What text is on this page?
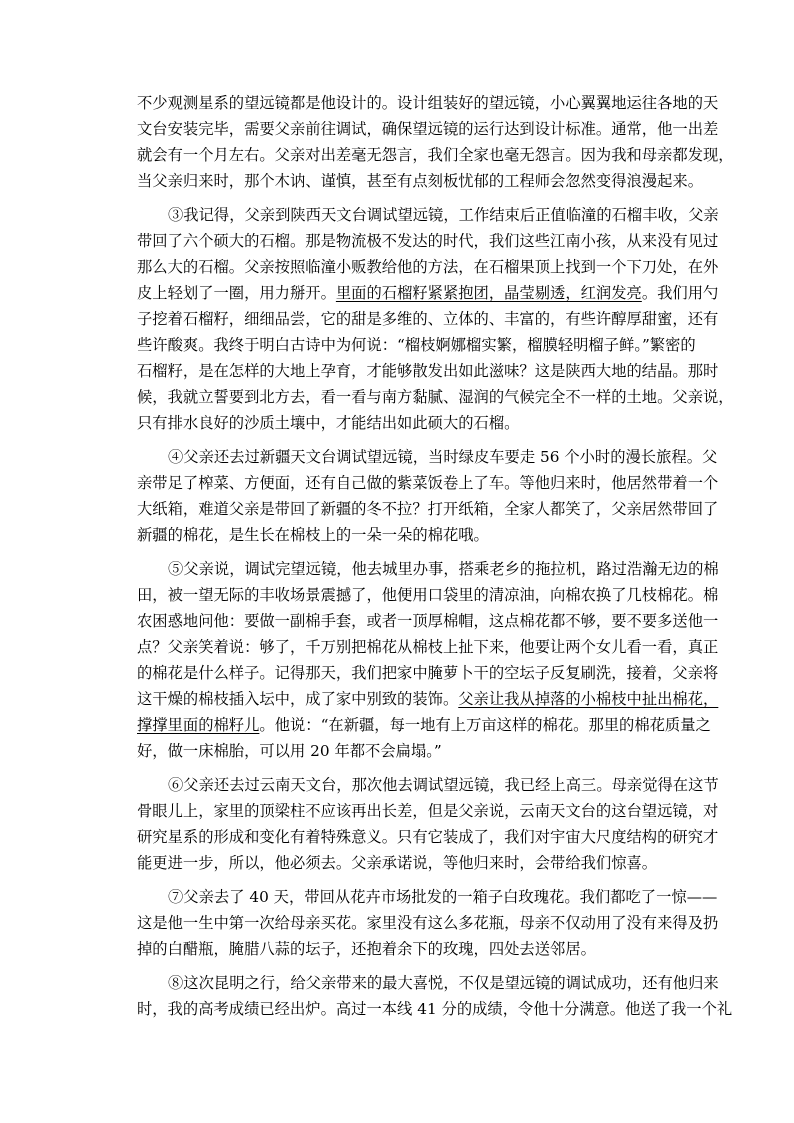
不少观测星系的望远镜都是他设计的。设计组装好的望远镜，小心翼翼地运往各地的天
文台安装完毕，需要父亲前往调试，确保望远镜的运行达到设计标准。通常，他一出差
就会有一个月左右。父亲对出差毫无怨言，我们全家也毫无怨言。因为我和母亲都发现，
当父亲归来时，那个木讷、谨慎，甚至有点刻板忧郁的工程师会忽然变得浪漫起来。
③我记得，父亲到陕西天文台调试望远镜，工作结束后正值临潼的石榴丰收，父亲
带回了六个硕大的石榴。那是物流极不发达的时代，我们这些江南小孩，从来没有见过
那么大的石榴。父亲按照临潼小贩教给他的方法，在石榴果顶上找到一个下刀处，在外
皮上轻划了一圈，用力掰开。里面的石榴籽紧紧抱团，晶莹剔透，红润发亮。我们用勺
子挖着石榴籽，细细品尝，它的甜是多维的、立体的、丰富的，有些许醇厚甜蜜，还有
些许酸爽。我终于明白古诗中为何说：“榴枝婀娜榴实繁，榴膜轻明榴子鲜。”繁密的
石榴籽，是在怎样的大地上孕育，才能够散发出如此滋味？这是陕西大地的结晶。那时
候，我就立誓要到北方去，看一看与南方黏腻、湿润的气候完全不一样的土地。父亲说，
只有排水良好的沙质土壤中，才能结出如此硕大的石榴。
④父亲还去过新疆天文台调试望远镜，当时绿皮车要走 56 个小时的漫长旅程。父
亲带足了榨菜、方便面，还有自己做的紫菜饭卷上了车。等他归来时，他居然带着一个
大纸箱，难道父亲是带回了新疆的冬不拉？打开纸箱，全家人都笑了，父亲居然带回了
新疆的棉花，是生长在棉枝上的一朵一朵的棉花哦。
⑤父亲说，调试完望远镜，他去城里办事，搭乘老乡的拖拉机，路过浩瀚无边的棉
田，被一望无际的丰收场景震撼了，他便用口袋里的清凉油，向棉农换了几枝棉花。棉
农困惑地问他：要做一副棉手套，或者一顶厚棉帽，这点棉花都不够，要不要多送他一
点？父亲笑着说：够了，千万别把棉花从棉枝上扯下来，他要让两个女儿看一看，真正
的棉花是什么样子。记得那天，我们把家中腌萝卜干的空坛子反复刷洗，接着，父亲将
这干燥的棉枝插入坛中，成了家中别致的装饰。父亲让我从掉落的小棉枝中扯出棉花，
撑撑里面的棉籽儿。他说：“在新疆，每一地有上万亩这样的棉花。那里的棉花质量之
好，做一床棉胎，可以用 20 年都不会扁塌。”
⑥父亲还去过云南天文台，那次他去调试望远镜，我已经上高三。母亲觉得在这节
骨眼儿上，家里的顶梁柱不应该再出长差，但是父亲说，云南天文台的这台望远镜，对
研究星系的形成和变化有着特殊意义。只有它装成了，我们对宇宙大尺度结构的研究才
能更进一步，所以，他必须去。父亲承诺说，等他归来时，会带给我们惊喜。
⑦父亲去了 40 天，带回从花卉市场批发的一箱子白玫瑰花。我们都吃了一惊——
这是他一生中第一次给母亲买花。家里没有这么多花瓶，母亲不仅动用了没有来得及扔
掉的白醋瓶，腌腊八蒜的坛子，还抱着余下的玫瑰，四处去送邻居。
⑧这次昆明之行，给父亲带来的最大喜悦，不仅是望远镜的调试成功，还有他归来
时，我的高考成绩已经出炉。高过一本线 41 分的成绩，令他十分满意。他送了我一个礼
